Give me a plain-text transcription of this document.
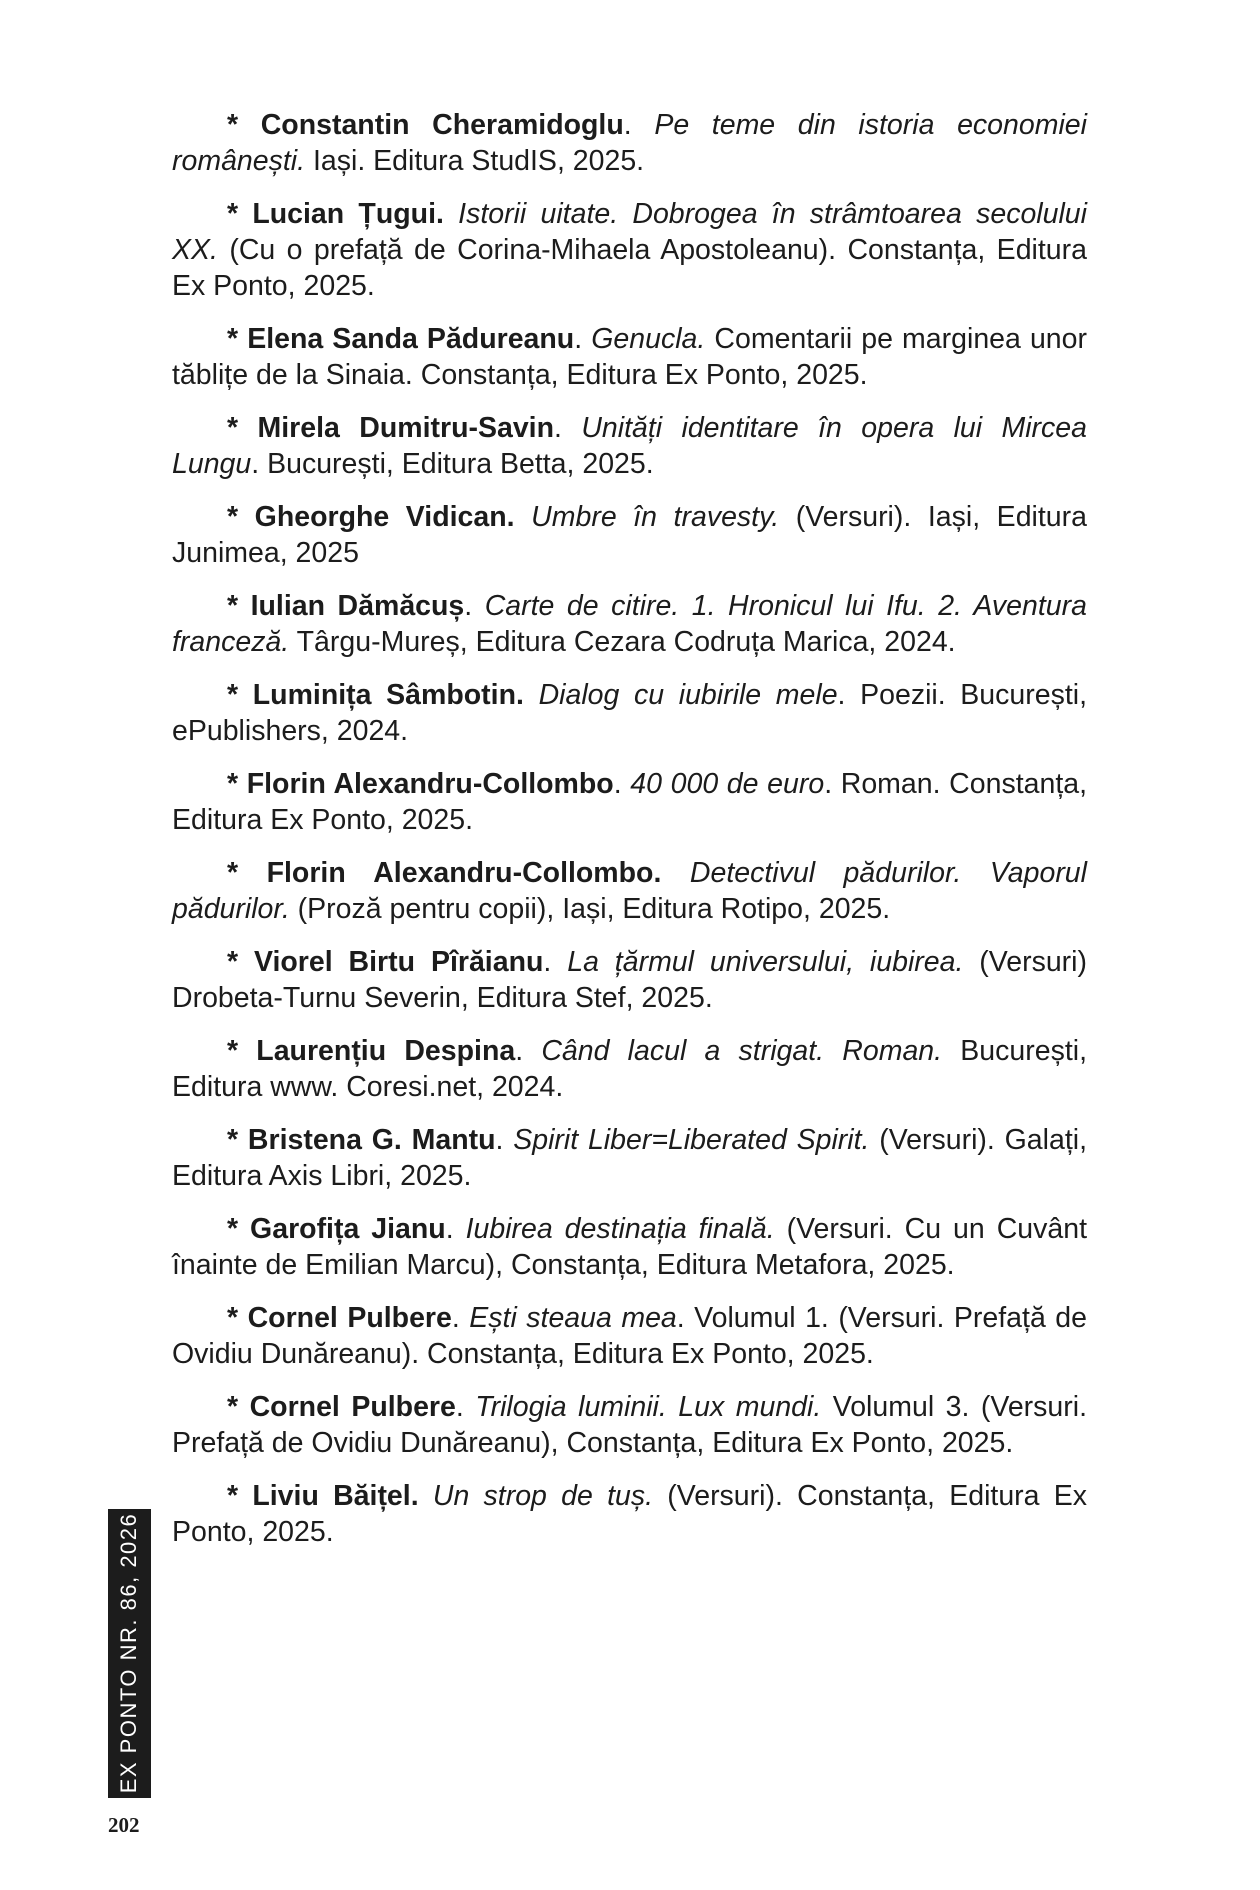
* Constantin Cheramidoglu. Pe teme din istoria economiei românești. Iași. Editura StudIS, 2025.

* Lucian Țugui. Istorii uitate. Dobrogea în strâmtoarea secolului XX. (Cu o prefață de Corina-Mihaela Apostoleanu). Constanța, Editura Ex Ponto, 2025.

* Elena Sanda Pădureanu. Genucla. Comentarii pe marginea unor tăblițe de la Sinaia. Constanța, Editura Ex Ponto, 2025.

* Mirela Dumitru-Savin. Unități identitare în opera lui Mircea Lungu. București, Editura Betta, 2025.

* Gheorghe Vidican. Umbre în travesty. (Versuri). Iași, Editura Junimea, 2025

* Iulian Dămăcuș. Carte de citire. 1. Hronicul lui Ifu. 2. Aventura franceză. Târgu-Mureș, Editura Cezara Codruța Marica, 2024.

* Luminița Sâmbotin. Dialog cu iubirile mele. Poezii. București, ePublishers, 2024.

* Florin Alexandru-Collombo. 40 000 de euro. Roman. Constanța, Editura Ex Ponto, 2025.

* Florin Alexandru-Collombo. Detectivul pădurilor. Vaporul pădurilor. (Proză pentru copii), Iași, Editura Rotipo, 2025.

* Viorel Birtu Pîrăianu. La țărmul universului, iubirea. (Versuri) Drobeta-Turnu Severin, Editura Stef, 2025.

* Laurențiu Despina. Când lacul a strigat. Roman. București, Editura www. Coresi.net, 2024.

* Bristena G. Mantu. Spirit Liber=Liberated Spirit. (Versuri). Galați, Editura Axis Libri, 2025.

* Garofița Jianu. Iubirea destinația finală. (Versuri. Cu un Cuvânt înainte de Emilian Marcu), Constanța, Editura Metafora, 2025.

* Cornel Pulbere. Ești steaua mea. Volumul 1. (Versuri. Prefață de Ovidiu Dunăreanu). Constanța, Editura Ex Ponto, 2025.

* Cornel Pulbere. Trilogia luminii. Lux mundi. Volumul 3. (Versuri. Prefață de Ovidiu Dunăreanu), Constanța, Editura Ex Ponto, 2025.

* Liviu Băițel. Un strop de tuș. (Versuri). Constanța, Editura Ex Ponto, 2025.

EX PONTO NR. 86, 2026
202
